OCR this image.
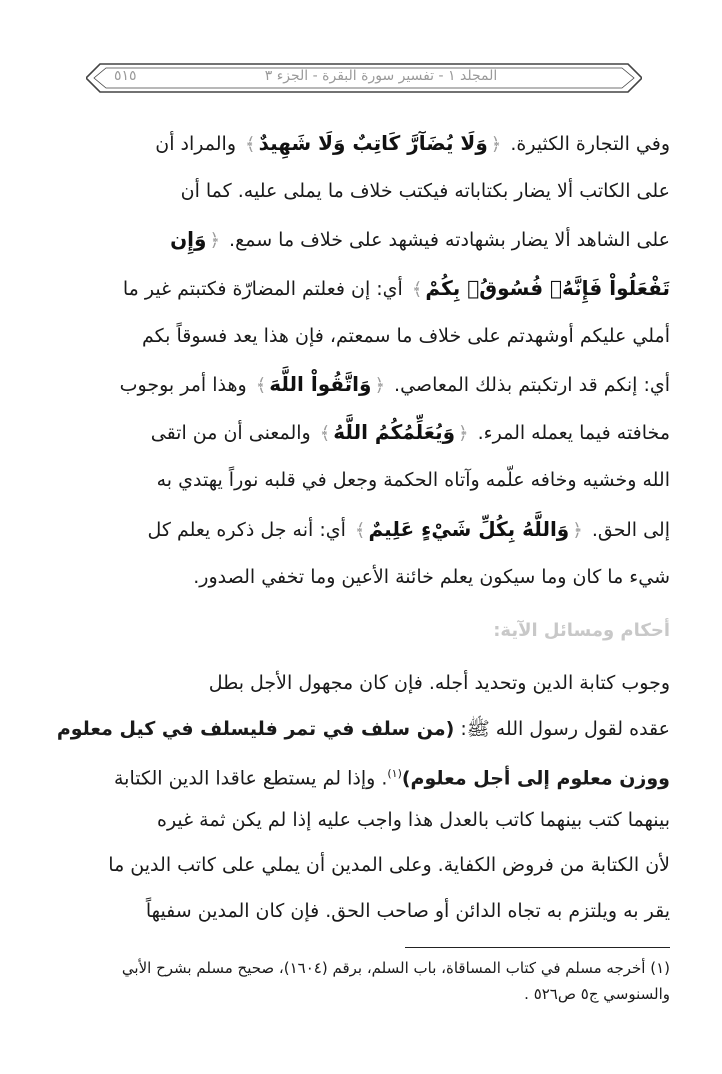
المجلد ١ - تفسير سورة البقرة - الجزء ٣
٥١٥
وفي التجارة الكثيرة. ﴿وَلَا يُضَآرَّ كَاتِبٌ وَلَا شَهِيدٌ﴾ والمراد أن
على الكاتب ألا يضار بكتاباته فيكتب خلاف ما يملى عليه. كما أن
على الشاهد ألا يضار بشهادته فيشهد على خلاف ما سمع. ﴿وَإِن
تَفْعَلُواْ فَإِنَّهُۥ فُسُوقُۢ بِكُمْ﴾ أي: إن فعلتم المضارّة فكتبتم غير ما
أملي عليكم أوشهدتم على خلاف ما سمعتم، فإن هذا يعد فسوقاً بكم
أي: إنكم قد ارتكبتم بذلك المعاصي. ﴿وَاتَّقُواْ اللَّهَ﴾ وهذا أمر بوجوب
مخافته فيما يعمله المرء. ﴿وَيُعَلِّمُكُمُ اللَّهُ﴾ والمعنى أن من اتقى
الله وخشيه وخافه علّمه وآتاه الحكمة وجعل في قلبه نوراً يهتدي به
إلى الحق. ﴿وَاللَّهُ بِكُلِّ شَيْءٍ عَلِيمٌ﴾ أي: أنه جل ذكره يعلم كل
شيء ما كان وما سيكون يعلم خائنة الأعين وما تخفي الصدور.
أحكام ومسائل الآية:
وجوب كتابة الدين وتحديد أجله. فإن كان مجهول الأجل بطل
عقده لقول رسول الله ﷺ: (من سلف في تمر فليسلف في كيل معلوم
ووزن معلوم إلى أجل معلوم)$^{(١)}$. وإذا لم يستطع عاقدا الدين الكتابة
بينهما كتب بينهما كاتب بالعدل هذا واجب عليه إذا لم يكن ثمة غيره
لأن الكتابة من فروض الكفاية. وعلى المدين أن يملي على كاتب الدين ما
يقر به ويلتزم به تجاه الدائن أو صاحب الحق. فإن كان المدين سفيهاً
(١) أخرجه مسلم في كتاب المساقاة، باب السلم، برقم (١٦٠٤)، صحيح مسلم بشرح الأبي
والسنوسي ج٥ ص٥٢٦ .
